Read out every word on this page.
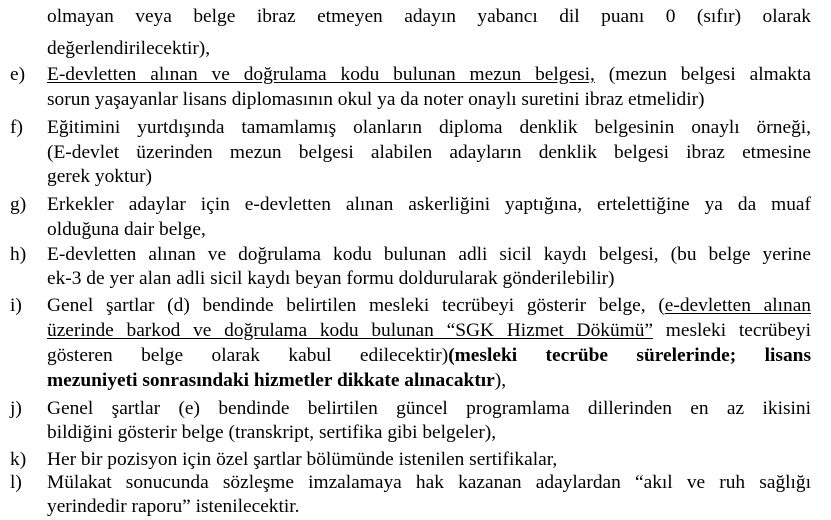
olmayan veya belge ibraz etmeyen adayın yabancı dil puanı 0 (sıfır) olarak
değerlendirilecektir),
e) E-devletten alınan ve doğrulama kodu bulunan mezun belgesi, (mezun belgesi almakta
sorun yaşayanlar lisans diplomasının okul ya da noter onaylı suretini ibraz etmelidir)
f) Eğitimini yurtdışında tamamlamış olanların diploma denklik belgesinin onaylı örneği,
(E-devlet üzerinden mezun belgesi alabilen adayların denklik belgesi ibraz etmesine
gerek yoktur)
g) Erkekler adaylar için e-devletten alınan askerliğini yaptığına, ertelettiğine ya da muaf
olduğuna dair belge,
h) E-devletten alınan ve doğrulama kodu bulunan adli sicil kaydı belgesi, (bu belge yerine
ek-3 de yer alan adli sicil kaydı beyan formu doldurularak gönderilebilir)
i) Genel şartlar (d) bendinde belirtilen mesleki tecrübeyi gösterir belge, (e-devletten alınan
üzerinde barkod ve doğrulama kodu bulunan “SGK Hizmet Dökümü” mesleki tecrübeyi
gösteren belge olarak kabul edilecektir)(mesleki tecrübe sürelerinde; lisans
mezuniyeti sonrasındaki hizmetler dikkate alınacaktır),
j) Genel şartlar (e) bendinde belirtilen güncel programlama dillerinden en az ikisini
bildiğini gösterir belge (transkript, sertifika gibi belgeler),
k) Her bir pozisyon için özel şartlar bölümünde istenilen sertifikalar,
l) Mülakat sonucunda sözleşme imzalamaya hak kazanan adaylardan “akıl ve ruh sağlığı
yerindedir raporu” istenilecektir.
